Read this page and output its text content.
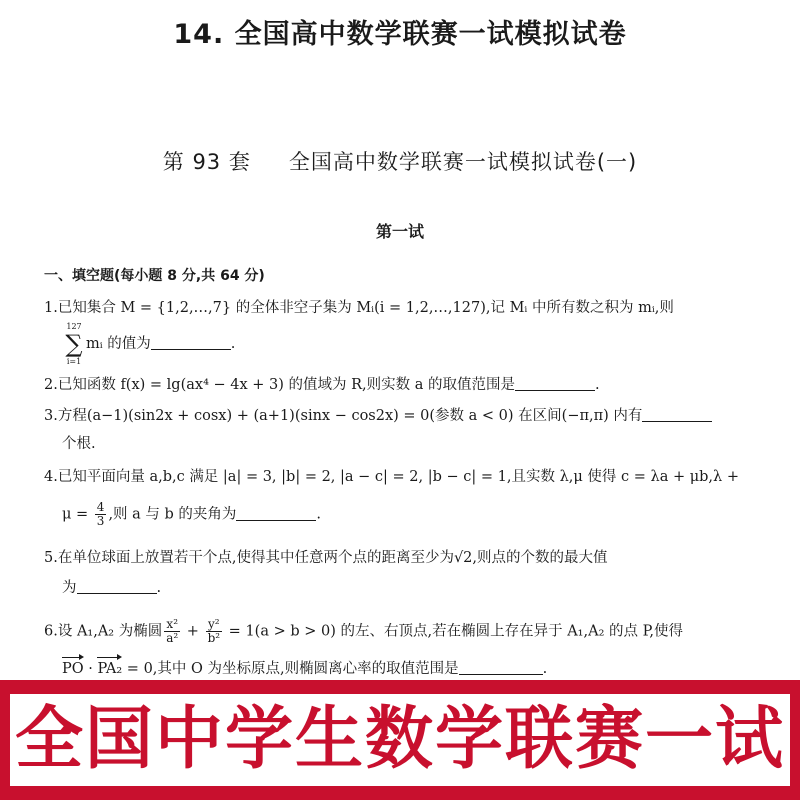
14. 全国高中数学联赛一试模拟试卷
第 93 套 全国高中数学联赛一试模拟试卷(一)
第一试
一、填空题(每小题 8 分,共 64 分)
1.已知集合 M = {1,2,…,7} 的全体非空子集为 Mᵢ(i = 1,2,…,127),记 Mᵢ 中所有数之积为 mᵢ,则
127
∑
i=1
mᵢ 的值为	.
2.已知函数 f(x) = lg(ax⁴ − 4x + 3) 的值域为 R,则实数 a 的取值范围是	.
3.方程(a−1)(sin2x + cosx) + (a+1)(sinx − cos2x) = 0(参数 a < 0) 在区间(−π,π) 内有
个根.
4.已知平面向量 a,b,c 满足 |a| = 3, |b| = 2, |a − c| = 2, |b − c| = 1,且实数 λ,μ 使得 c = λa + μb,λ +
$\mu = \frac{4}{3}$ ,则 a 与 b 的夹角为	.
5.在单位球面上放置若干个点,使得其中任意两个点的距离至少为√2,则点的个数的最大值
为	.
6.设 A₁,A₂ 为椭圆 $\frac{\text{x²}}{\text{a²}} + \frac{\text{y²}}{\text{b²}} = 1(a > b > 0)$ 的左、右顶点,若在椭圆上存在异于 A₁,A₂ 的点 P,使得
PO · PA₂ = 0,其中 O 为坐标原点,则椭圆离心率的取值范围是	.
全国中学生数学联赛一试
